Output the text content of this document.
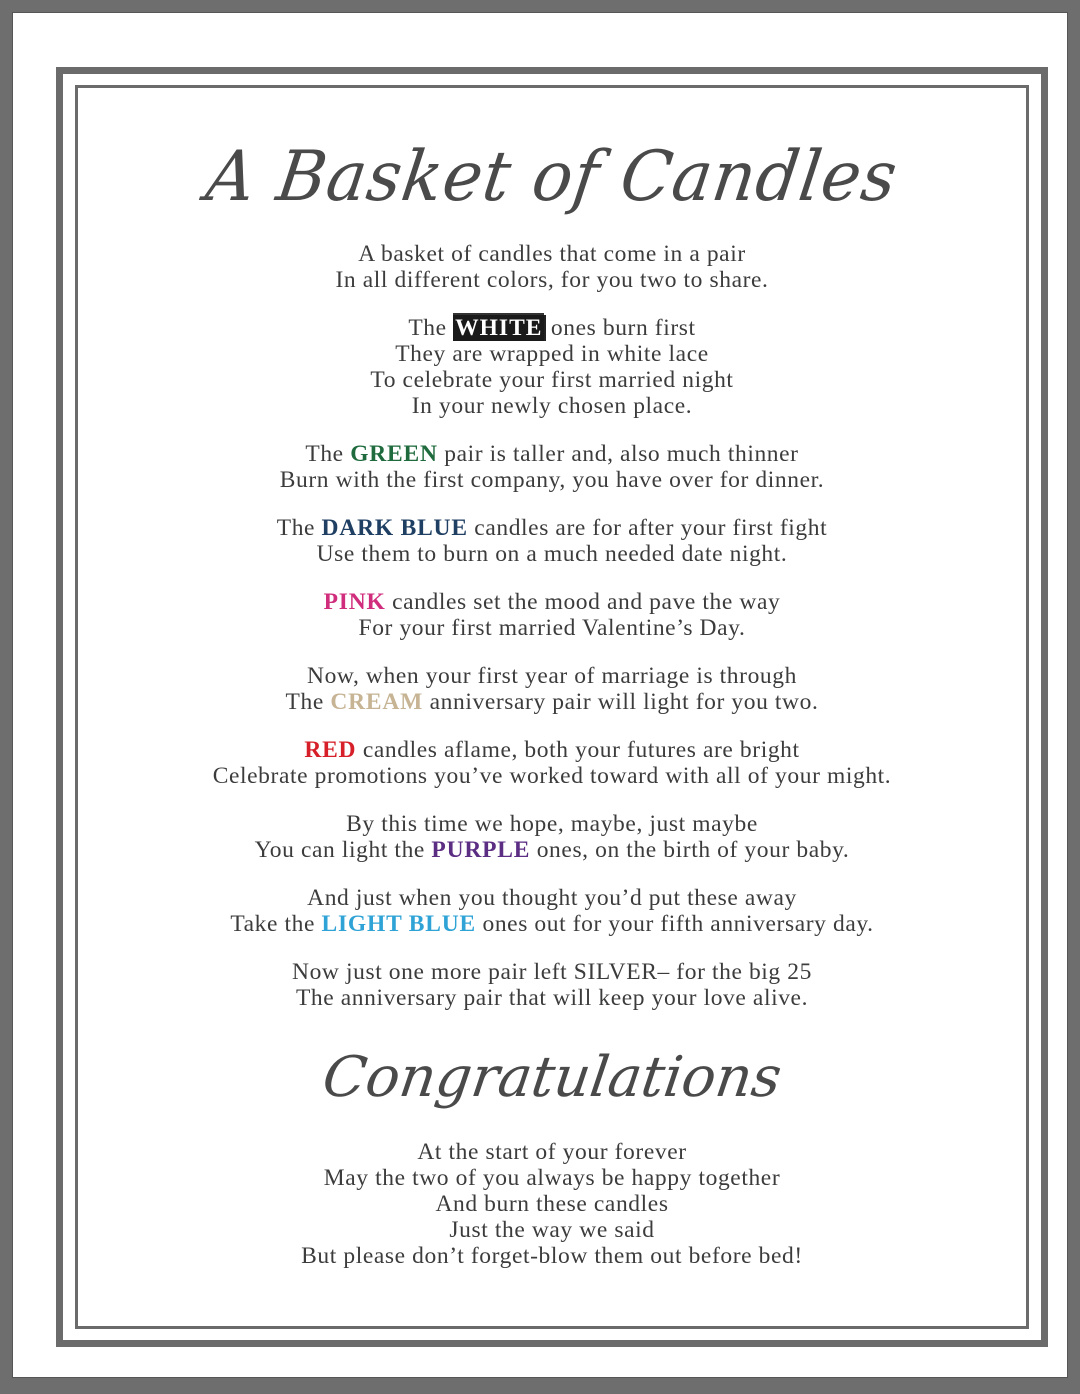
A Basket of Candles
A basket of candles that come in a pair
In all different colors, for you two to share.
The WHITE ones burn first
They are wrapped in white lace
To celebrate your first married night
In your newly chosen place.
The GREEN pair is taller and, also much thinner
Burn with the first company, you have over for dinner.
The DARK BLUE candles are for after your first fight
Use them to burn on a much needed date night.
PINK candles set the mood and pave the way
For your first married Valentine’s Day.
Now, when your first year of marriage is through
The CREAM anniversary pair will light for you two.
RED candles aflame, both your futures are bright
Celebrate promotions you’ve worked toward with all of your might.
By this time we hope, maybe, just maybe
You can light the PURPLE ones, on the birth of your baby.
And just when you thought you’d put these away
Take the LIGHT BLUE ones out for your fifth anniversary day.
Now just one more pair left SILVER– for the big 25
The anniversary pair that will keep your love alive.
Congratulations
At the start of your forever
May the two of you always be happy together
And burn these candles
Just the way we said
But please don’t forget-blow them out before bed!
